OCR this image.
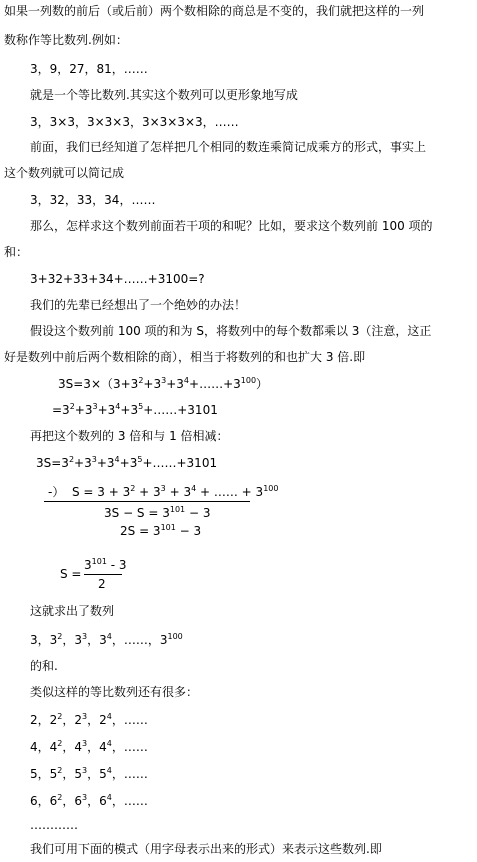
如果一列数的前后（或后前）两个数相除的商总是不变的，我们就把这样的一列
数称作等比数列.例如：
3，9，27，81，……
就是一个等比数列.其实这个数列可以更形象地写成
3，3×3，3×3×3，3×3×3×3，……
前面，我们已经知道了怎样把几个相同的数连乘简记成乘方的形式，事实上
这个数列就可以简记成
3，32，33，34，……
那么，怎样求这个数列前面若干项的和呢？比如，要求这个数列前 100 项的
和：
3+32+33+34+……+3100=?
我们的先辈已经想出了一个绝妙的办法！
假设这个数列前 100 项的和为 S，将数列中的每个数都乘以 3（注意，这正
好是数列中前后两个数相除的商），相当于将数列的和也扩大 3 倍.即
$3S=3\times(3+3^2+3^3+3^4+\dots\dots+3^{100})$
$=3^2+3^3+3^4+3^5+\dots\dots+3101$
再把这个数列的 3 倍和与 1 倍相减：
$3S=3^2+3^3+3^4+3^5+\dots\dots+3101$
-） $S = 3 + 3^2 + 3^3 + 3^4$ + …… + $3^{100}$
$3S - S = 3^{101} - 3$
$2S = 3^{101} - 3$
S =
$3^{101} - 3$
2
这就求出了数列
3，$3^2$，$3^3$，$3^4$，……，$3^{100}$
的和.
类似这样的等比数列还有很多：
2，$2^2$，$2^3$，$2^4$，……
4，$4^2$，$4^3$，$4^4$，……
5，$5^2$，$5^3$，$5^4$，……
6，$6^2$，$6^3$，$6^4$，……
…………
我们可用下面的模式（用字母表示出来的形式）来表示这些数列.即
